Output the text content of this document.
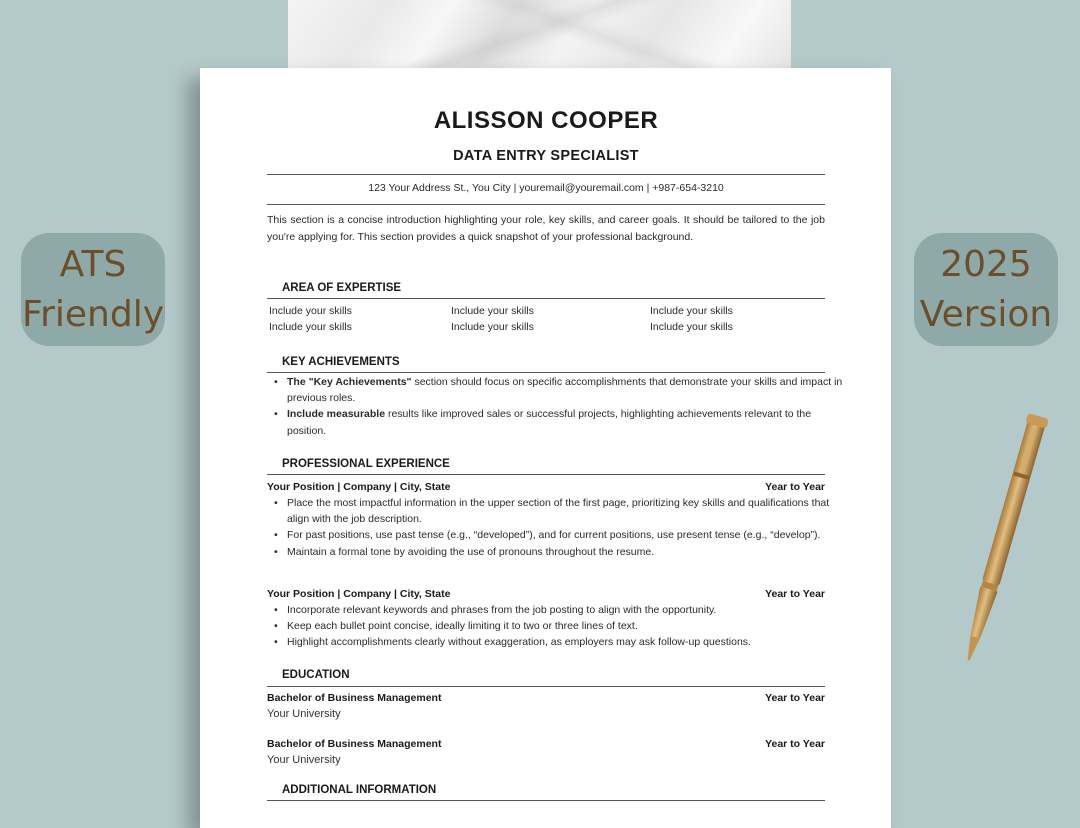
ATS
Friendly
2025
Version
ALISSON COOPER
DATA ENTRY SPECIALIST
123 Your Address St., You City | youremail@youremail.com | +987-654-3210
This section is a concise introduction highlighting your role, key skills, and career goals. It should be tailored to the job you're applying for. This section provides a quick snapshot of your professional background.
AREA OF EXPERTISE
Include your skills	Include your skills	Include your skills
Include your skills	Include your skills	Include your skills
KEY ACHIEVEMENTS
• The "Key Achievements" section should focus on specific accomplishments that demonstrate your skills and impact in previous roles.
• Include measurable results like improved sales or successful projects, highlighting achievements relevant to the position.
PROFESSIONAL EXPERIENCE
Your Position | Company | City, State	Year to Year
• Place the most impactful information in the upper section of the first page, prioritizing key skills and qualifications that align with the job description.
• For past positions, use past tense (e.g., “developed”), and for current positions, use present tense (e.g., “develop”).
• Maintain a formal tone by avoiding the use of pronouns throughout the resume.
Your Position | Company | City, State	Year to Year
• Incorporate relevant keywords and phrases from the job posting to align with the opportunity.
• Keep each bullet point concise, ideally limiting it to two or three lines of text.
• Highlight accomplishments clearly without exaggeration, as employers may ask follow-up questions.
EDUCATION
Bachelor of Business Management	Year to Year
Your University
Bachelor of Business Management	Year to Year
Your University
ADDITIONAL INFORMATION
